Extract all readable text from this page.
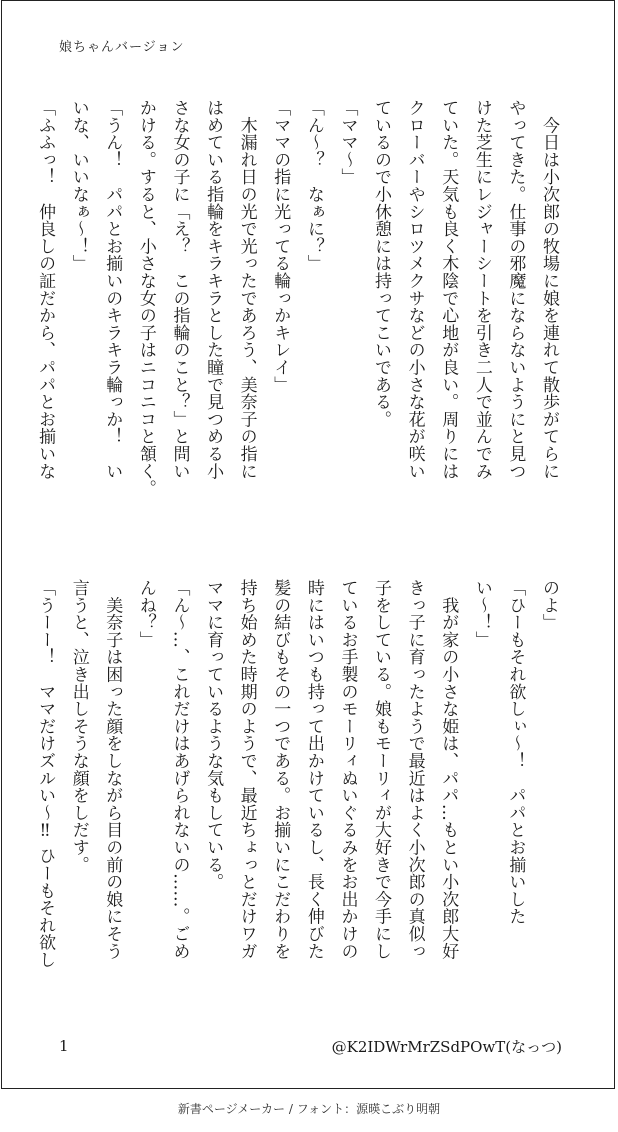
娘ちゃんバージョン
　今日は小次郎の牧場に娘を連れて散歩がてらに
やってきた。仕事の邪魔にならないようにと見つ
けた芝生にレジャーシートを引き二人で並んでみ
ていた。天気も良く木陰で心地が良い。周りには
クローバーやシロツメクサなどの小さな花が咲い
ているので小休憩には持ってこいである。
「ママ〜」
「ん〜？　なぁに？」
「ママの指に光ってる輪っかキレイ」
　木漏れ日の光で光ったであろう、美奈子の指に
はめている指輪をキラキラとした瞳で見つめる小
さな女の子に「え？　この指輪のこと？」と問い
かける。すると、小さな女の子はニコニコと頷く。
「うん！　パパとお揃いのキラキラ輪っか！　い
いな、いいなぁ〜！」
「ふふっ！　仲良しの証だから、パパとお揃いな
のよ」
「ひーもそれ欲しぃ〜！　パパとお揃いした
い〜！」
　我が家の小さな姫は、パパ…もとい小次郎大好
きっ子に育ったようで最近はよく小次郎の真似っ
子をしている。娘もモーリィが大好きで今手にし
ているお手製のモーリィぬいぐるみをお出かけの
時にはいつも持って出かけているし、長く伸びた
髪の結びもその一つである。お揃いにこだわりを
持ち始めた時期のようで、最近ちょっとだけワガ
ママに育っているような気もしている。
「ん〜…、これだけはあげられないの……。ごめ
んね？」
　美奈子は困った顔をしながら目の前の娘にそう
言うと、泣き出しそうな顔をしだす。
「うーー！　ママだけズルい〜‼︎ ひーもそれ欲し
1	@K2IDWrMrZSdPOwT(なっつ)
新書ページメーカー / フォント：源暎こぶり明朝
